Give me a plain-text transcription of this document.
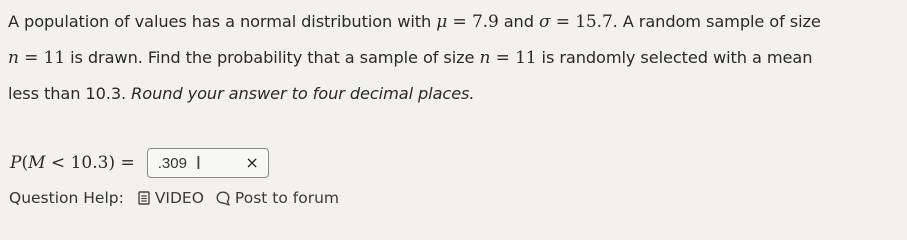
A population of values has a normal distribution with μ = 7.9 and σ = 15.7. A random sample of size
n = 11 is drawn. Find the probability that a sample of size n = 11 is randomly selected with a mean
less than 10.3. Round your answer to four decimal places.
P(M < 10.3) =
.309	I	×
Question Help: VIDEO Post to forum
